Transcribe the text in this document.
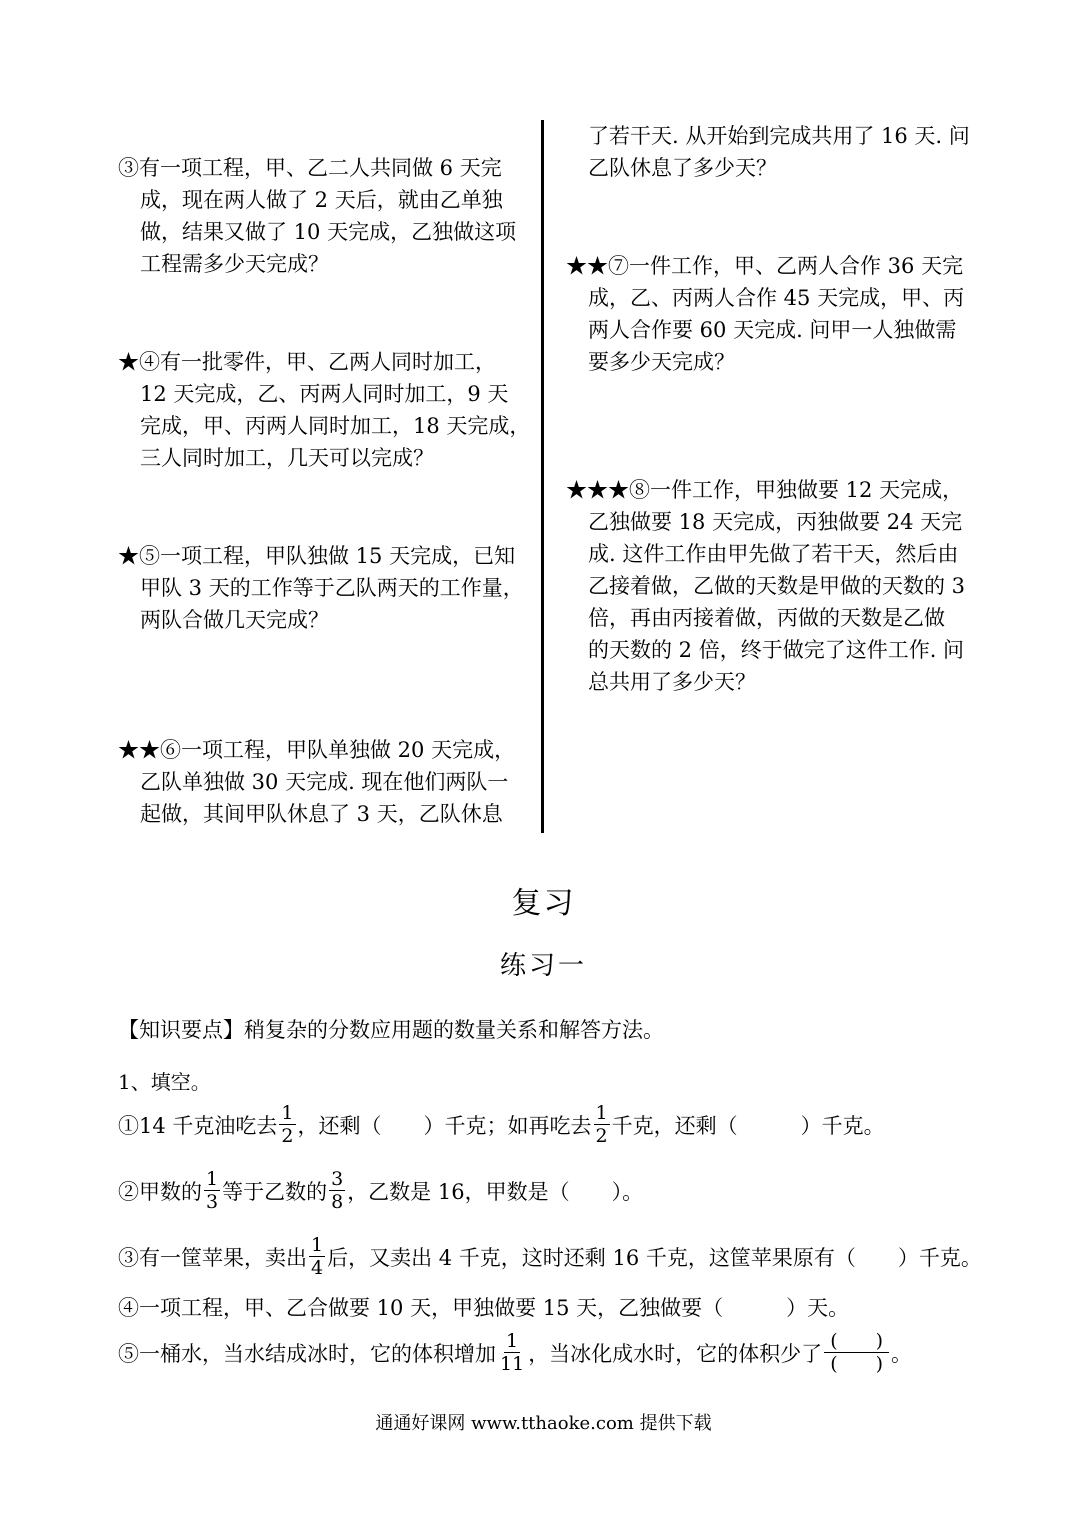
③有一项工程，甲、乙二人共同做 6 天完
成，现在两人做了 2 天后，就由乙单独
做，结果又做了 10 天完成，乙独做这项
工程需多少天完成？
★④有一批零件，甲、乙两人同时加工，
12 天完成，乙、丙两人同时加工，9 天
完成，甲、丙两人同时加工，18 天完成，
三人同时加工，几天可以完成？
★⑤一项工程，甲队独做 15 天完成，已知
甲队 3 天的工作等于乙队两天的工作量，
两队合做几天完成？
★★⑥一项工程，甲队单独做 20 天完成，
乙队单独做 30 天完成. 现在他们两队一
起做，其间甲队休息了 3 天，乙队休息
了若干天. 从开始到完成共用了 16 天. 问
乙队休息了多少天？
★★⑦一件工作，甲、乙两人合作 36 天完
成，乙、丙两人合作 45 天完成，甲、丙
两人合作要 60 天完成. 问甲一人独做需
要多少天完成？
★★★⑧一件工作，甲独做要 12 天完成，
乙独做要 18 天完成，丙独做要 24 天完
成. 这件工作由甲先做了若干天，然后由
乙接着做，乙做的天数是甲做的天数的 3
倍，再由丙接着做，丙做的天数是乙做
的天数的 2 倍，终于做完了这件工作. 问
总共用了多少天？
复习
练习一
【知识要点】稍复杂的分数应用题的数量关系和解答方法。
1、填空。
①14 千克油吃去 $\frac{1}{2}$ ，还剩（　　）千克；如再吃去 $\frac{1}{2}$ 千克，还剩（　　　）千克。
②甲数的 $\frac{1}{3}$ 等于乙数的 $\frac{3}{8}$ ，乙数是 16，甲数是（　　）。
③有一筐苹果，卖出 $\frac{1}{4}$ 后，又卖出 4 千克，这时还剩 16 千克，这筐苹果原有（　　）千克。
④一项工程，甲、乙合做要 10 天，甲独做要 15 天，乙独做要（　　　）天。
⑤一桶水，当水结成冰时，它的体积增加 $\frac{1}{11}$ ，当冰化成水时，它的体积少了 $\frac{( )}{( )}$ 。
通通好课网 www.tthaoke.com 提供下载
